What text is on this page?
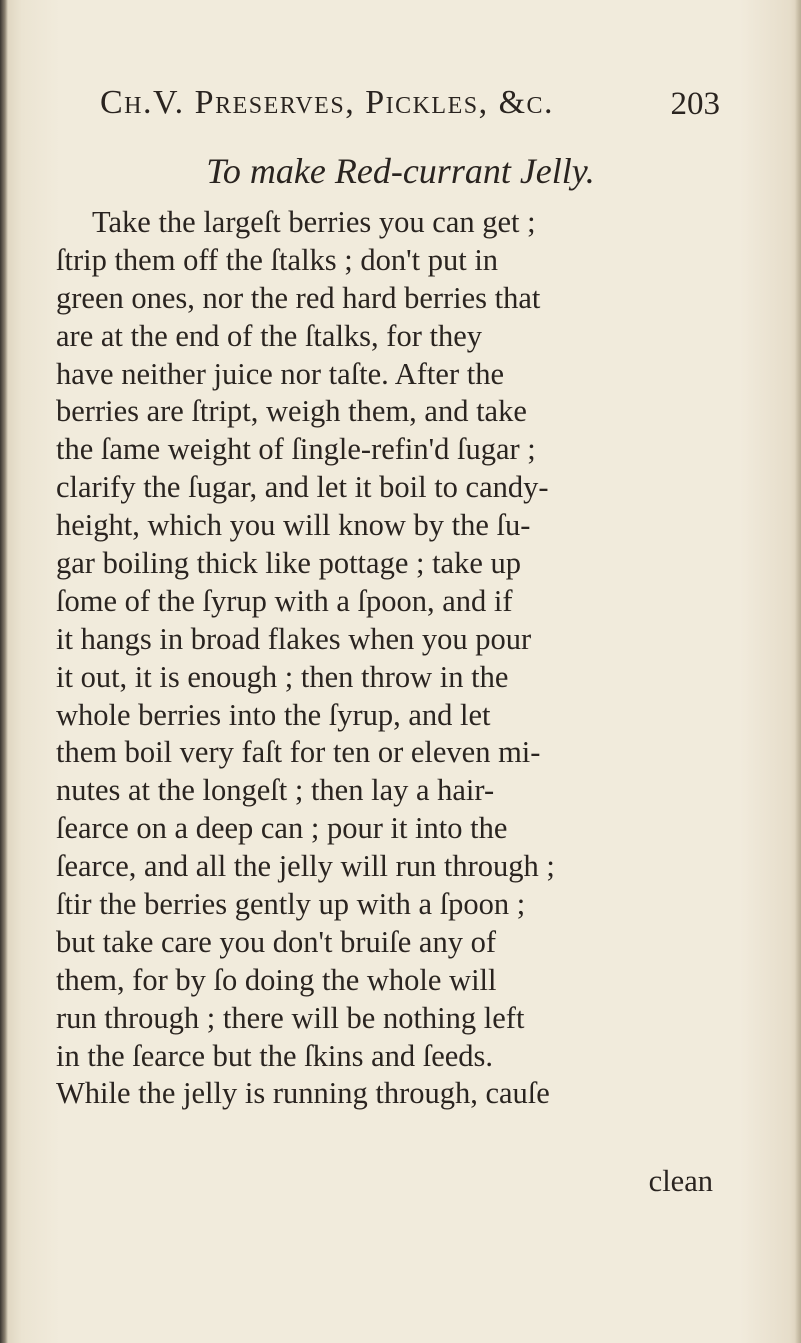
Ch.V. Preserves, Pickles, &c.	203
To make Red-currant Jelly.
Take the largeſt berries you can get ;
ſtrip them off the ſtalks ; don't put in
green ones, nor the red hard berries that
are at the end of the ſtalks, for they
have neither juice nor taſte. After the
berries are ſtript, weigh them, and take
the ſame weight of ſingle-refin'd ſugar ;
clarify the ſugar, and let it boil to candy-
height, which you will know by the ſu-
gar boiling thick like pottage ; take up
ſome of the ſyrup with a ſpoon, and if
it hangs in broad flakes when you pour
it out, it is enough ; then throw in the
whole berries into the ſyrup, and let
them boil very faſt for ten or eleven mi-
nutes at the longeſt ; then lay a hair-
ſearce on a deep can ; pour it into the
ſearce, and all the jelly will run through ;
ſtir the berries gently up with a ſpoon ;
but take care you don't bruiſe any of
them, for by ſo doing the whole will
run through ; there will be nothing left
in the ſearce but the ſkins and ſeeds.
While the jelly is running through, cauſe
clean
